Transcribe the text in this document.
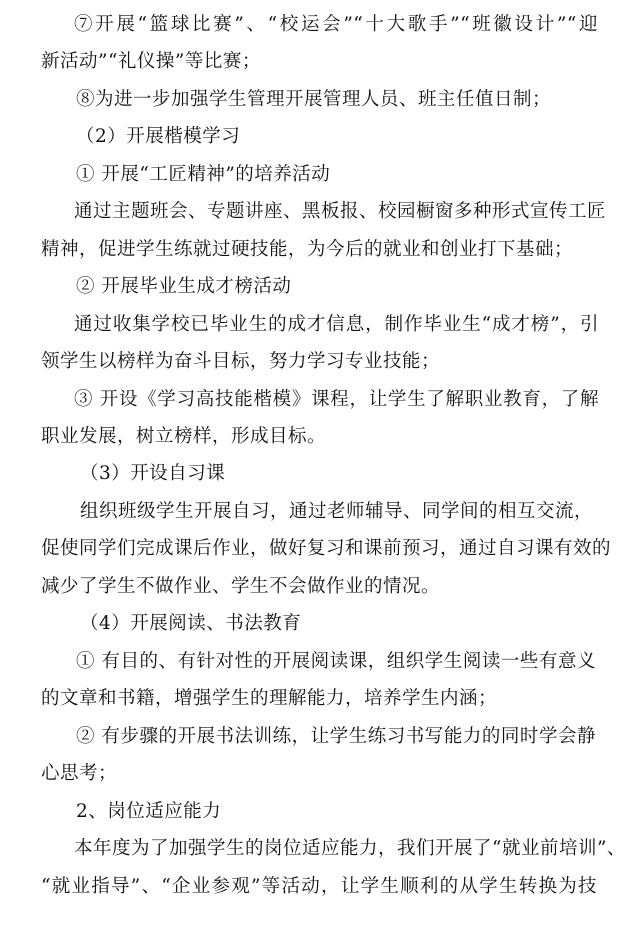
⑦开展“篮球比赛”、“校运会”“十大歌手”“班徽设计”“迎
新活动”“礼仪操”等比赛；
⑧为进一步加强学生管理开展管理人员、班主任值日制；
（2）开展楷模学习
① 开展“工匠精神”的培养活动
通过主题班会、专题讲座、黑板报、校园橱窗多种形式宣传工匠
精神，促进学生练就过硬技能，为今后的就业和创业打下基础；
② 开展毕业生成才榜活动
通过收集学校已毕业生的成才信息，制作毕业生“成才榜”，引
领学生以榜样为奋斗目标，努力学习专业技能；
③ 开设《学习高技能楷模》课程，让学生了解职业教育，了解
职业发展，树立榜样，形成目标。
（3）开设自习课
组织班级学生开展自习，通过老师辅导、同学间的相互交流，
促使同学们完成课后作业，做好复习和课前预习，通过自习课有效的
减少了学生不做作业、学生不会做作业的情况。
（4）开展阅读、书法教育
① 有目的、有针对性的开展阅读课，组织学生阅读一些有意义
的文章和书籍，增强学生的理解能力，培养学生内涵；
② 有步骤的开展书法训练，让学生练习书写能力的同时学会静
心思考；
2、岗位适应能力
本年度为了加强学生的岗位适应能力，我们开展了“就业前培训”、
“就业指导”、“企业参观”等活动，让学生顺利的从学生转换为技
